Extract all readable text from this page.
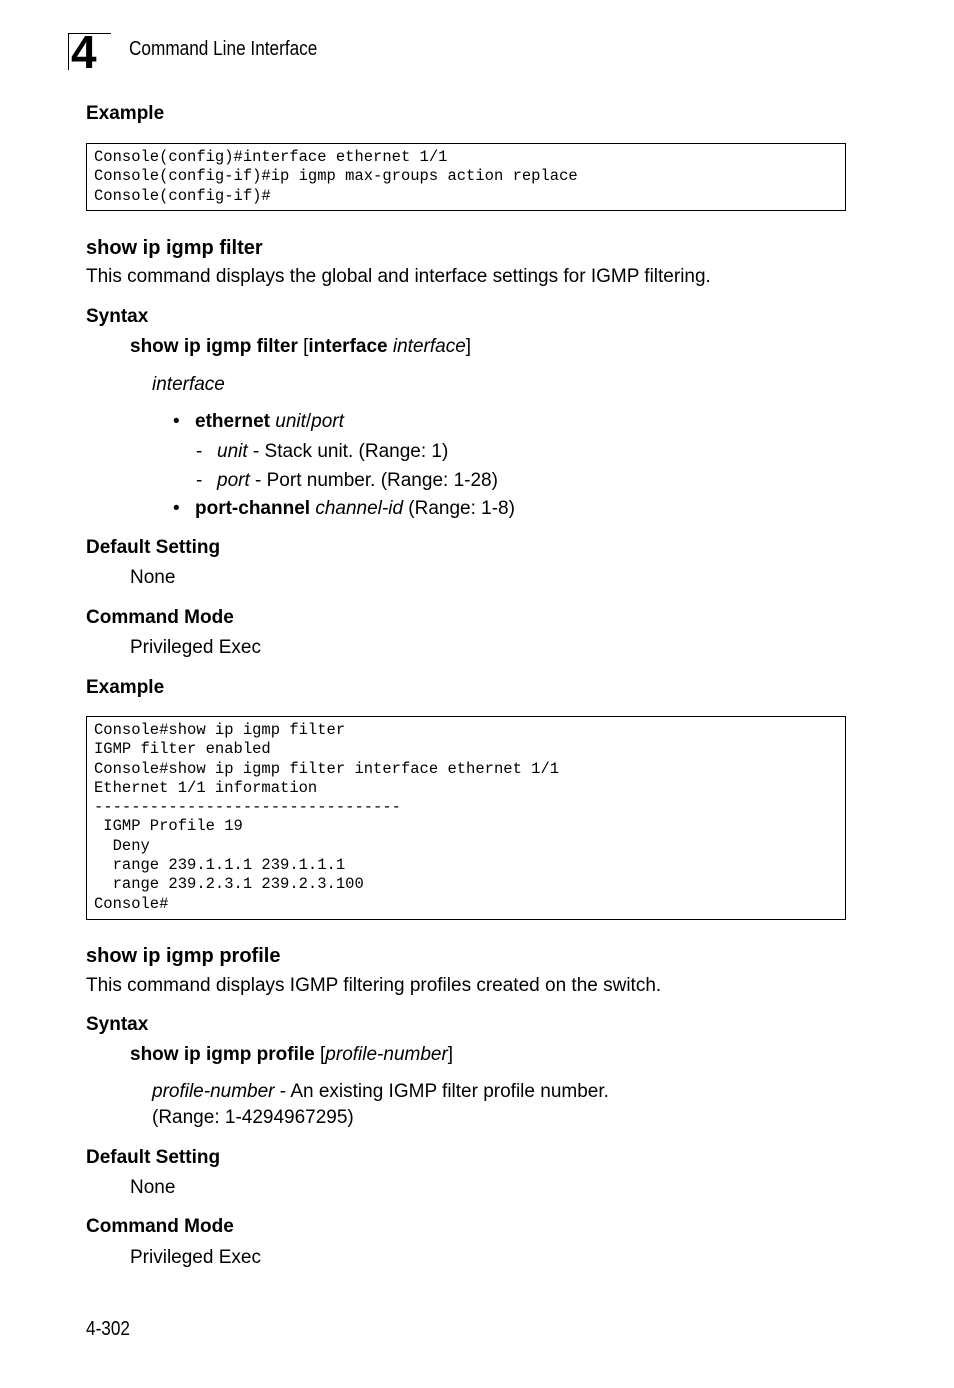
4	Command Line Interface
Example
Console(config)#interface ethernet 1/1
Console(config-if)#ip igmp max-groups action replace
Console(config-if)#
show ip igmp filter
This command displays the global and interface settings for IGMP filtering.
Syntax
show ip igmp filter [interface interface]
interface
• ethernet unit/port
- unit - Stack unit. (Range: 1)
- port - Port number. (Range: 1-28)
• port-channel channel-id (Range: 1-8)
Default Setting
None
Command Mode
Privileged Exec
Example
Console#show ip igmp filter
IGMP filter enabled
Console#show ip igmp filter interface ethernet 1/1
Ethernet 1/1 information
---------------------------------
IGMP Profile 19
Deny
range 239.1.1.1 239.1.1.1
range 239.2.3.1 239.2.3.100
Console#
show ip igmp profile
This command displays IGMP filtering profiles created on the switch.
Syntax
show ip igmp profile [profile-number]
profile-number - An existing IGMP filter profile number.
(Range: 1-4294967295)
Default Setting
None
Command Mode
Privileged Exec
4-302
